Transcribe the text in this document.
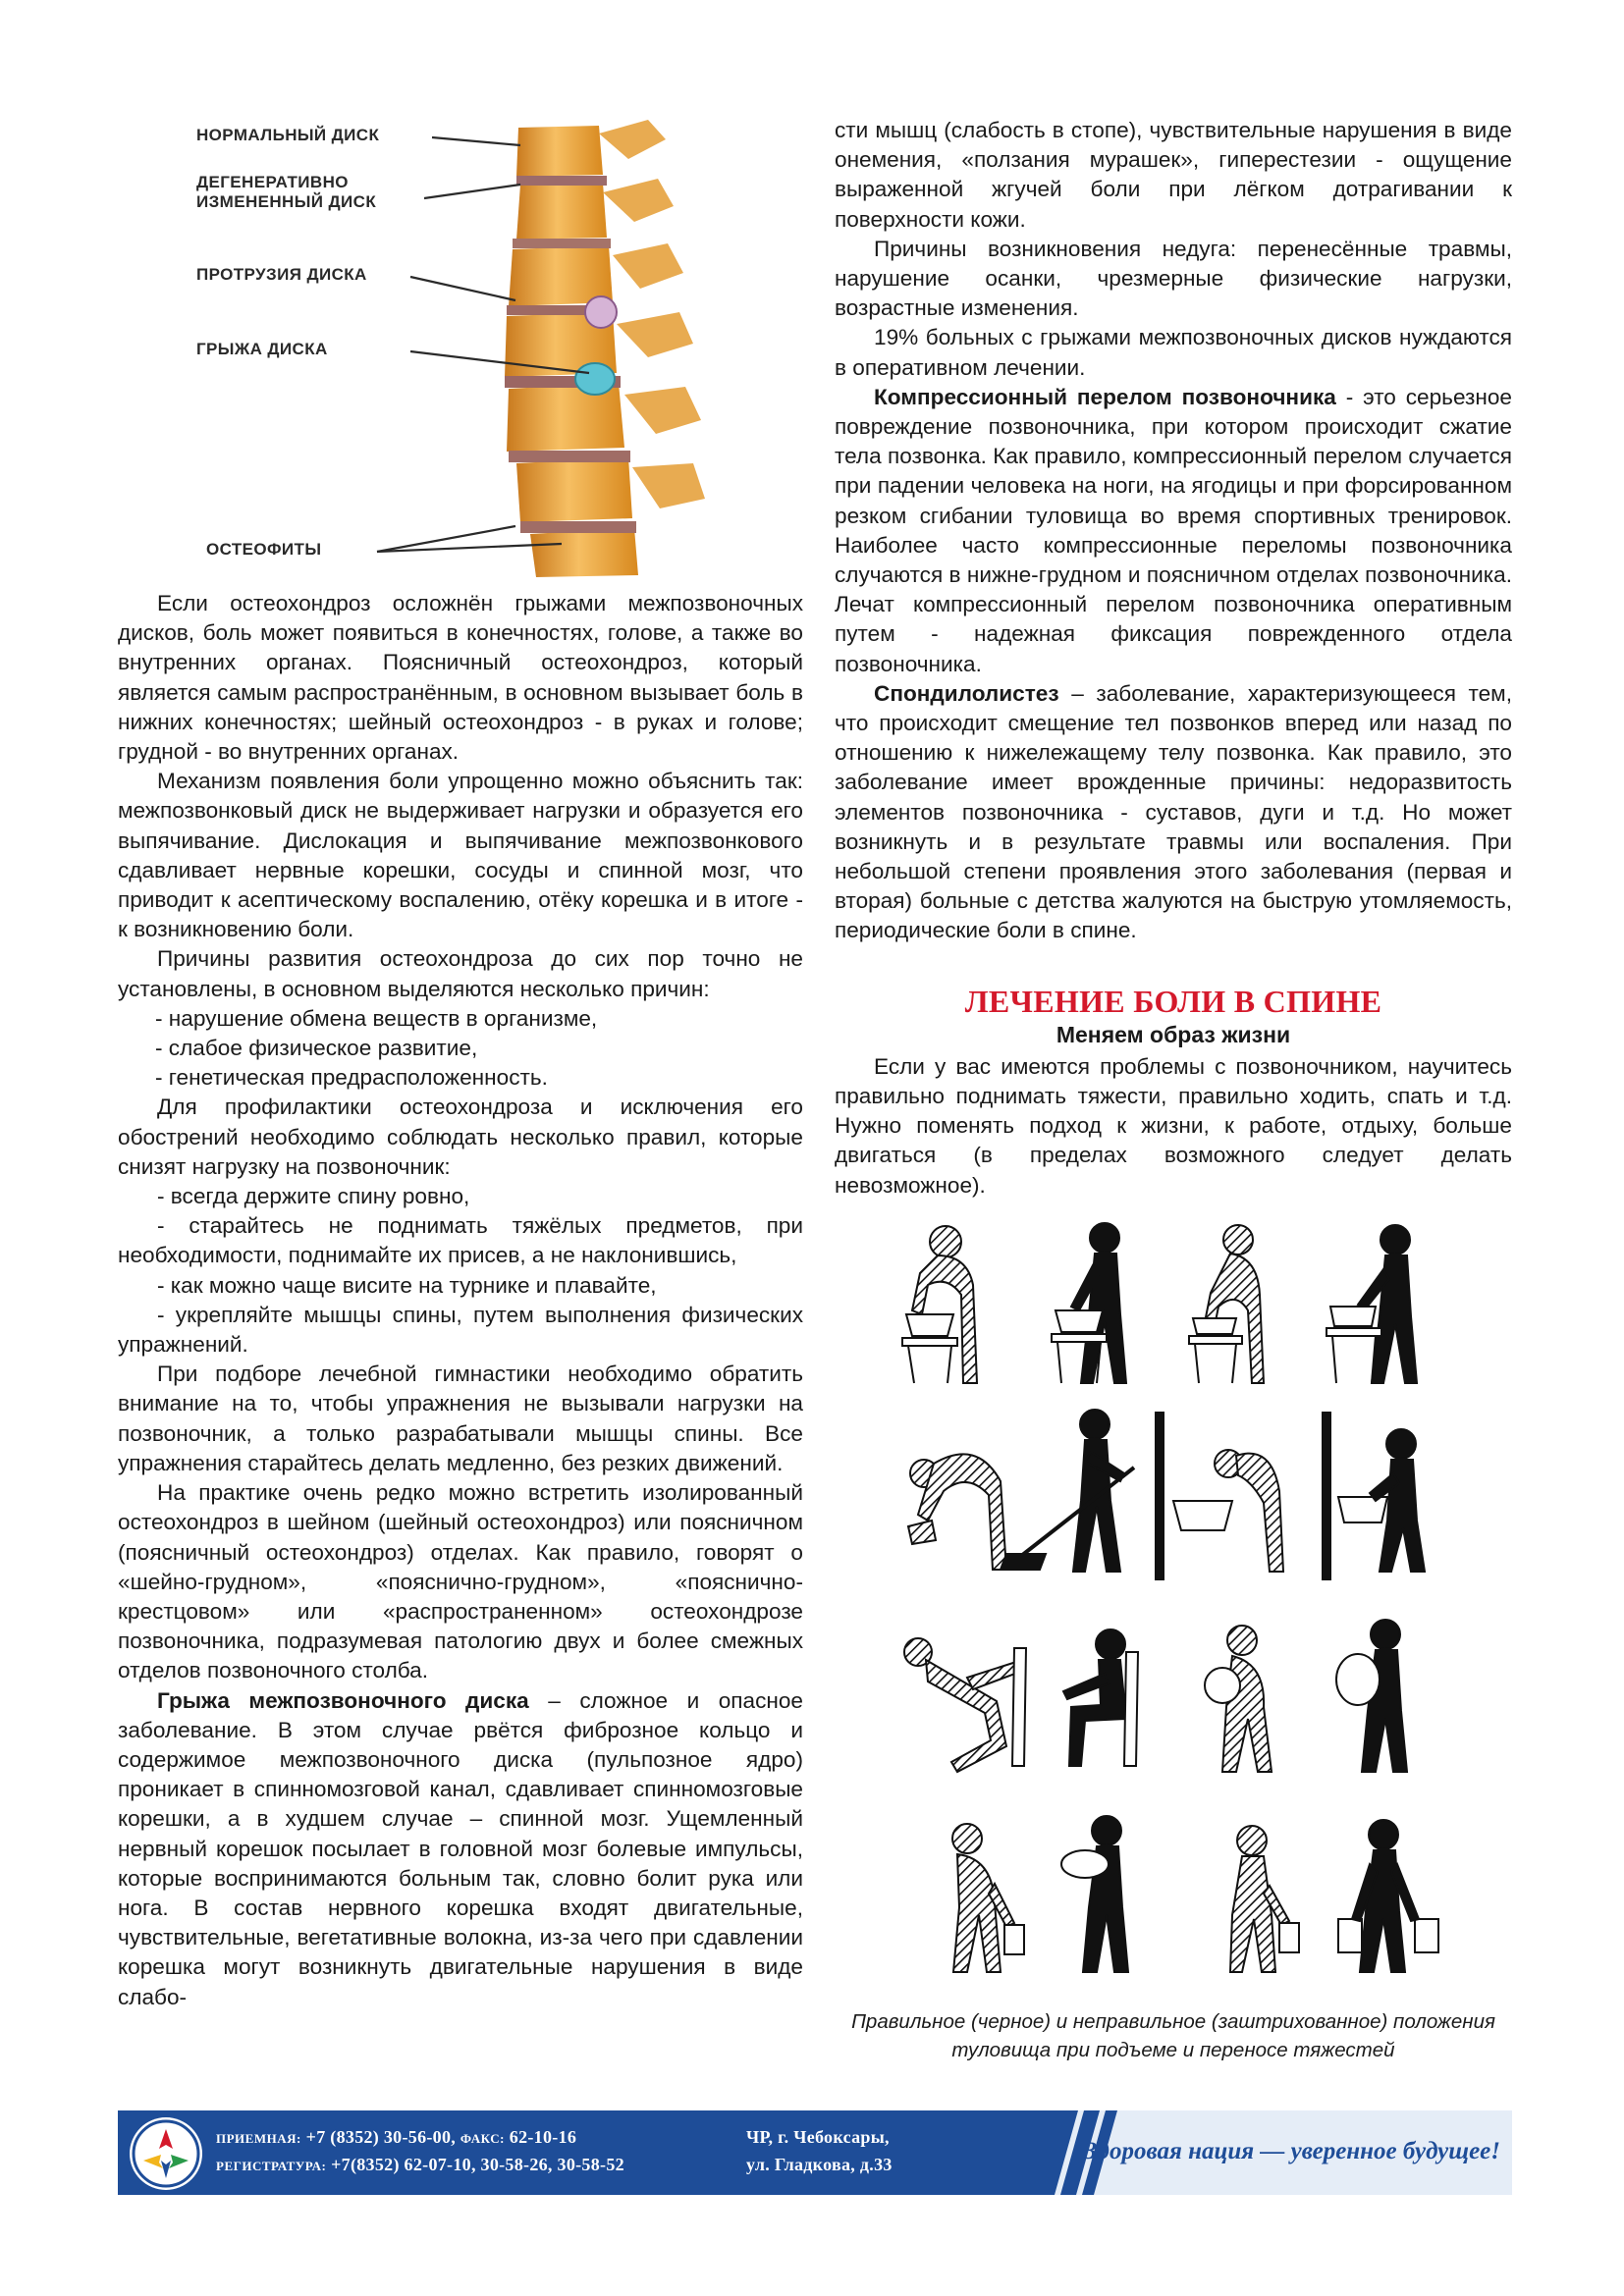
НОРМАЛЬНЫЙ ДИСК
ДЕГЕНЕРАТИВНО ИЗМЕНЕННЫЙ ДИСК
ПРОТРУЗИЯ ДИСКА
ГРЫЖА ДИСКА
ОСТЕОФИТЫ

Если остеохондроз осложнён грыжами межпозвоночных дисков, боль может появиться в конечностях, голове, а также во внутренних органах. Поясничный остеохондроз, который является самым распространённым, в основном вызывает боль в нижних конечностях; шейный остеохондроз - в руках и голове; грудной - во внутренних органах.

Механизм появления боли упрощенно можно объяснить так: межпозвонковый диск не выдерживает нагрузки и образуется его выпячивание. Дислокация и выпячивание межпозвонкового сдавливает нервные корешки, сосуды и спинной мозг, что приводит к асептическому воспалению, отёку корешка и в итоге - к возникновению боли.

Причины развития остеохондроза до сих пор точно не установлены, в основном выделяются несколько причин:

- нарушение обмена веществ в организме,

- слабое физическое развитие,

- генетическая предрасположенность.

Для профилактики остеохондроза и исключения его обострений необходимо соблюдать несколько правил, которые снизят нагрузку на позвоночник:

- всегда держите спину ровно,

- старайтесь не поднимать тяжёлых предметов, при необходимости, поднимайте их присев, а не наклонившись,

- как можно чаще висите на турнике и плавайте,

- укрепляйте мышцы спины, путем выполнения физических упражнений.

При подборе лечебной гимнастики необходимо обратить внимание на то, чтобы упражнения не вызывали нагрузки на позвоночник, а только разрабатывали мышцы спины. Все упражнения старайтесь делать медленно, без резких движений.

На практике очень редко можно встретить изолированный остеохондроз в шейном (шейный остеохондроз) или поясничном (поясничный остеохондроз) отделах. Как правило, говорят о «шейно-грудном», «пояснично-грудном», «пояснично-крестцовом» или «распространенном» остеохондрозе позвоночника, подразумевая патологию двух и более смежных отделов позвоночного столба.

Грыжа межпозвоночного диска – сложное и опасное заболевание. В этом случае рвётся фиброзное кольцо и содержимое межпозвоночного диска (пульпозное ядро) проникает в спинномозговой канал, сдавливает спинномозговые корешки, а в худшем случае – спинной мозг. Ущемленный нервный корешок посылает в головной мозг болевые импульсы, которые воспринимаются больным так, словно болит рука или нога. В состав нервного корешка входят двигательные, чувствительные, вегетативные волокна, из-за чего при сдавлении корешка могут возникнуть двигательные нарушения в виде слабо-

сти мышц (слабость в стопе), чувствительные нарушения в виде онемения, «ползания мурашек», гиперестезии - ощущение выраженной жгучей боли при лёгком дотрагивании к поверхности кожи.

Причины возникновения недуга: перенесённые травмы, нарушение осанки, чрезмерные физические нагрузки, возрастные изменения.

19% больных с грыжами межпозвоночных дисков нуждаются в оперативном лечении.

Компрессионный перелом позвоночника - это серьезное повреждение позвоночника, при котором происходит сжатие тела позвонка. Как правило, компрессионный перелом случается при падении человека на ноги, на ягодицы и при форсированном резком сгибании туловища во время спортивных тренировок. Наиболее часто компрессионные переломы позвоночника случаются в нижне-грудном и поясничном отделах позвоночника. Лечат компрессионный перелом позвоночника оперативным путем - надежная фиксация поврежденного отдела позвоночника.

Спондилолистез – заболевание, характеризующееся тем, что происходит смещение тел позвонков вперед или назад по отношению к нижележащему телу позвонка. Как правило, это заболевание имеет врожденные причины: недоразвитость элементов позвоночника - суставов, дуги и т.д. Но может возникнуть и в результате травмы или воспаления. При небольшой степени проявления этого заболевания (первая и вторая) больные с детства жалуются на быструю утомляемость, периодические боли в спине.

ЛЕЧЕНИЕ БОЛИ В СПИНЕ
Меняем образ жизни

Если у вас имеются проблемы с позвоночником, научитесь правильно поднимать тяжести, правильно ходить, спать и т.д. Нужно поменять подход к жизни, к работе, отдыху, больше двигаться (в пределах возможного следует делать невозможное).

Правильное (черное) и неправильное (заштрихованное) положения туловища при подъеме и переносе тяжестей

ПРИЕМНАЯ: +7 (8352) 30-56-00, ФАКС: 62-10-16
РЕГИСТРАТУРА: +7(8352) 62-07-10, 30-58-26, 30-58-52
ЧР, г. Чебоксары,
ул. Гладкова, д.33	Здоровая нация — уверенное будущее!
